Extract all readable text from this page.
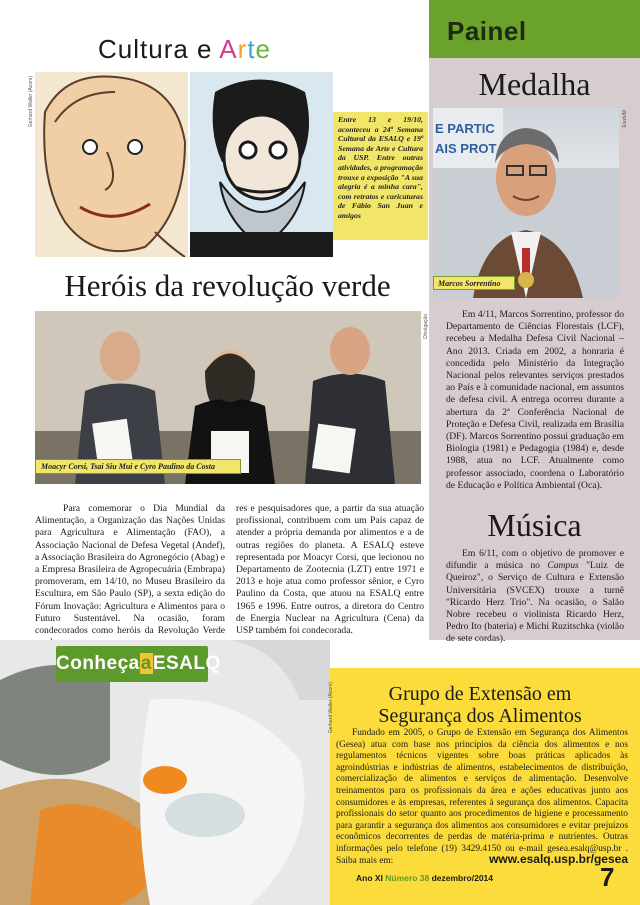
Painel
Medalha
E PARTIC
AIS PROT
Ewzk/M
Marcos Sorrentino
Em 4/11, Marcos Sorrentino, professor do Departamento de Ciências Florestais (LCF), recebeu a Medalha Defesa Civil Nacional – Ano 2013. Criada em 2002, a honraria é concedida pelo Ministério da Integração Nacional pelos relevantes serviços prestados ao País e à comunidade nacional, em assuntos de defesa civil. A entrega ocorreu durante a abertura da 2ª Conferência Nacional de Proteção e Defesa Civil, realizada em Brasília (DF). Marcos Sorrentino possui graduação em Biologia (1981) e Pedagogia (1984) e, desde 1988, atua no LCF. Atualmente como professor associado, coordena o Laboratório de Educação e Política Ambiental (Oca).
Música
Em 6/11, com o objetivo de promover e difundir a música no Campus "Luiz de Queiroz", o Serviço de Cultura e Extensão Universitária (SVCEX) trouxe a turnê "Ricardo Herz Trio". Na ocasião, o Salão Nobre recebeu o violinista Ricardo Herz, Pedro Ito (bateria) e Michi Ruzitschka (violão de sete cordas).
Cultura e Arte
Gerhard Waller (Acom)	Entre 13 e 19/10, aconteceu a 24ª Semana Cultural da ESALQ e 19ª Semana de Arte e Cultura da USP. Entre outras atividades, a programação trouxe a exposição "A sua alegria é a minha cara", com retratos e caricaturas de Fábio San Juan e amigos
Heróis da revolução verde
Divulgação
Moacyr Corsi, Tsai Siu Mui e Cyro Paulino da Costa
Para comemorar o Dia Mundial da Alimentação, a Organização das Nações Unidas para Agricultura e Alimentação (FAO), a Associação Nacional de Defesa Vegetal (Andef), a Associação Brasileira do Agronegócio (Abag) e a Empresa Brasileira de Agropecuária (Embrapa) promoveram, em 14/10, no Museu Brasileiro da Escultura, em São Paulo (SP), a sexta edição do Fórum Inovação: Agricultura e Alimentos para o Futuro Sustentável. Na ocasião, foram condecorados como heróis da Revolução Verde
res e pesquisadores que, a partir da sua atuação profissional, contribuem com um País capaz de atender a própria demanda por alimentos e a de outras regiões do planeta. A ESALQ esteve representada por Moacyr Corsi, que lecionou no Departamento de Zootecnia (LZT) entre 1971 e 2013 e hoje atua como professor sênior, e Cyro Paulino da Costa, que atuou na ESALQ entre 1965 e 1996. Entre outros, a diretora do Centro de Energia Nuclear na Agricultura (Cena) da USP também foi condecorada.
Gerhard Waller (Acom)
ConheçaaESALQ
Grupo de Extensão em
Segurança dos Alimentos
Fundado em 2005, o Grupo de Extensão em Segurança dos Alimentos (Gesea) atua com base nos princípios da ciência dos alimentos e nos regulamentos técnicos vigentes sobre boas práticas aplicados às agroindústrias e indústrias de alimentos, estabelecimentos de distribuição, comercialização de alimentos e serviços de alimentação. Desenvolve treinamentos para os profissionais da área e ações educativas junto aos consumidores e às empresas, referentes à segurança dos alimentos. Capacita profissionais do setor quanto aos procedimentos de higiene e processamento para garantir a segurança dos alimentos aos consumidores e evitar prejuízos econômicos decorrentes de perdas de matéria-prima e nutrientes. Outras informações pelo telefone (19) 3429.4150 ou e-mail gesea.esalq@usp.br . Saiba mais em:	www.esalq.usp.br/gesea
Ano XI Número 38 dezembro/2014	7
